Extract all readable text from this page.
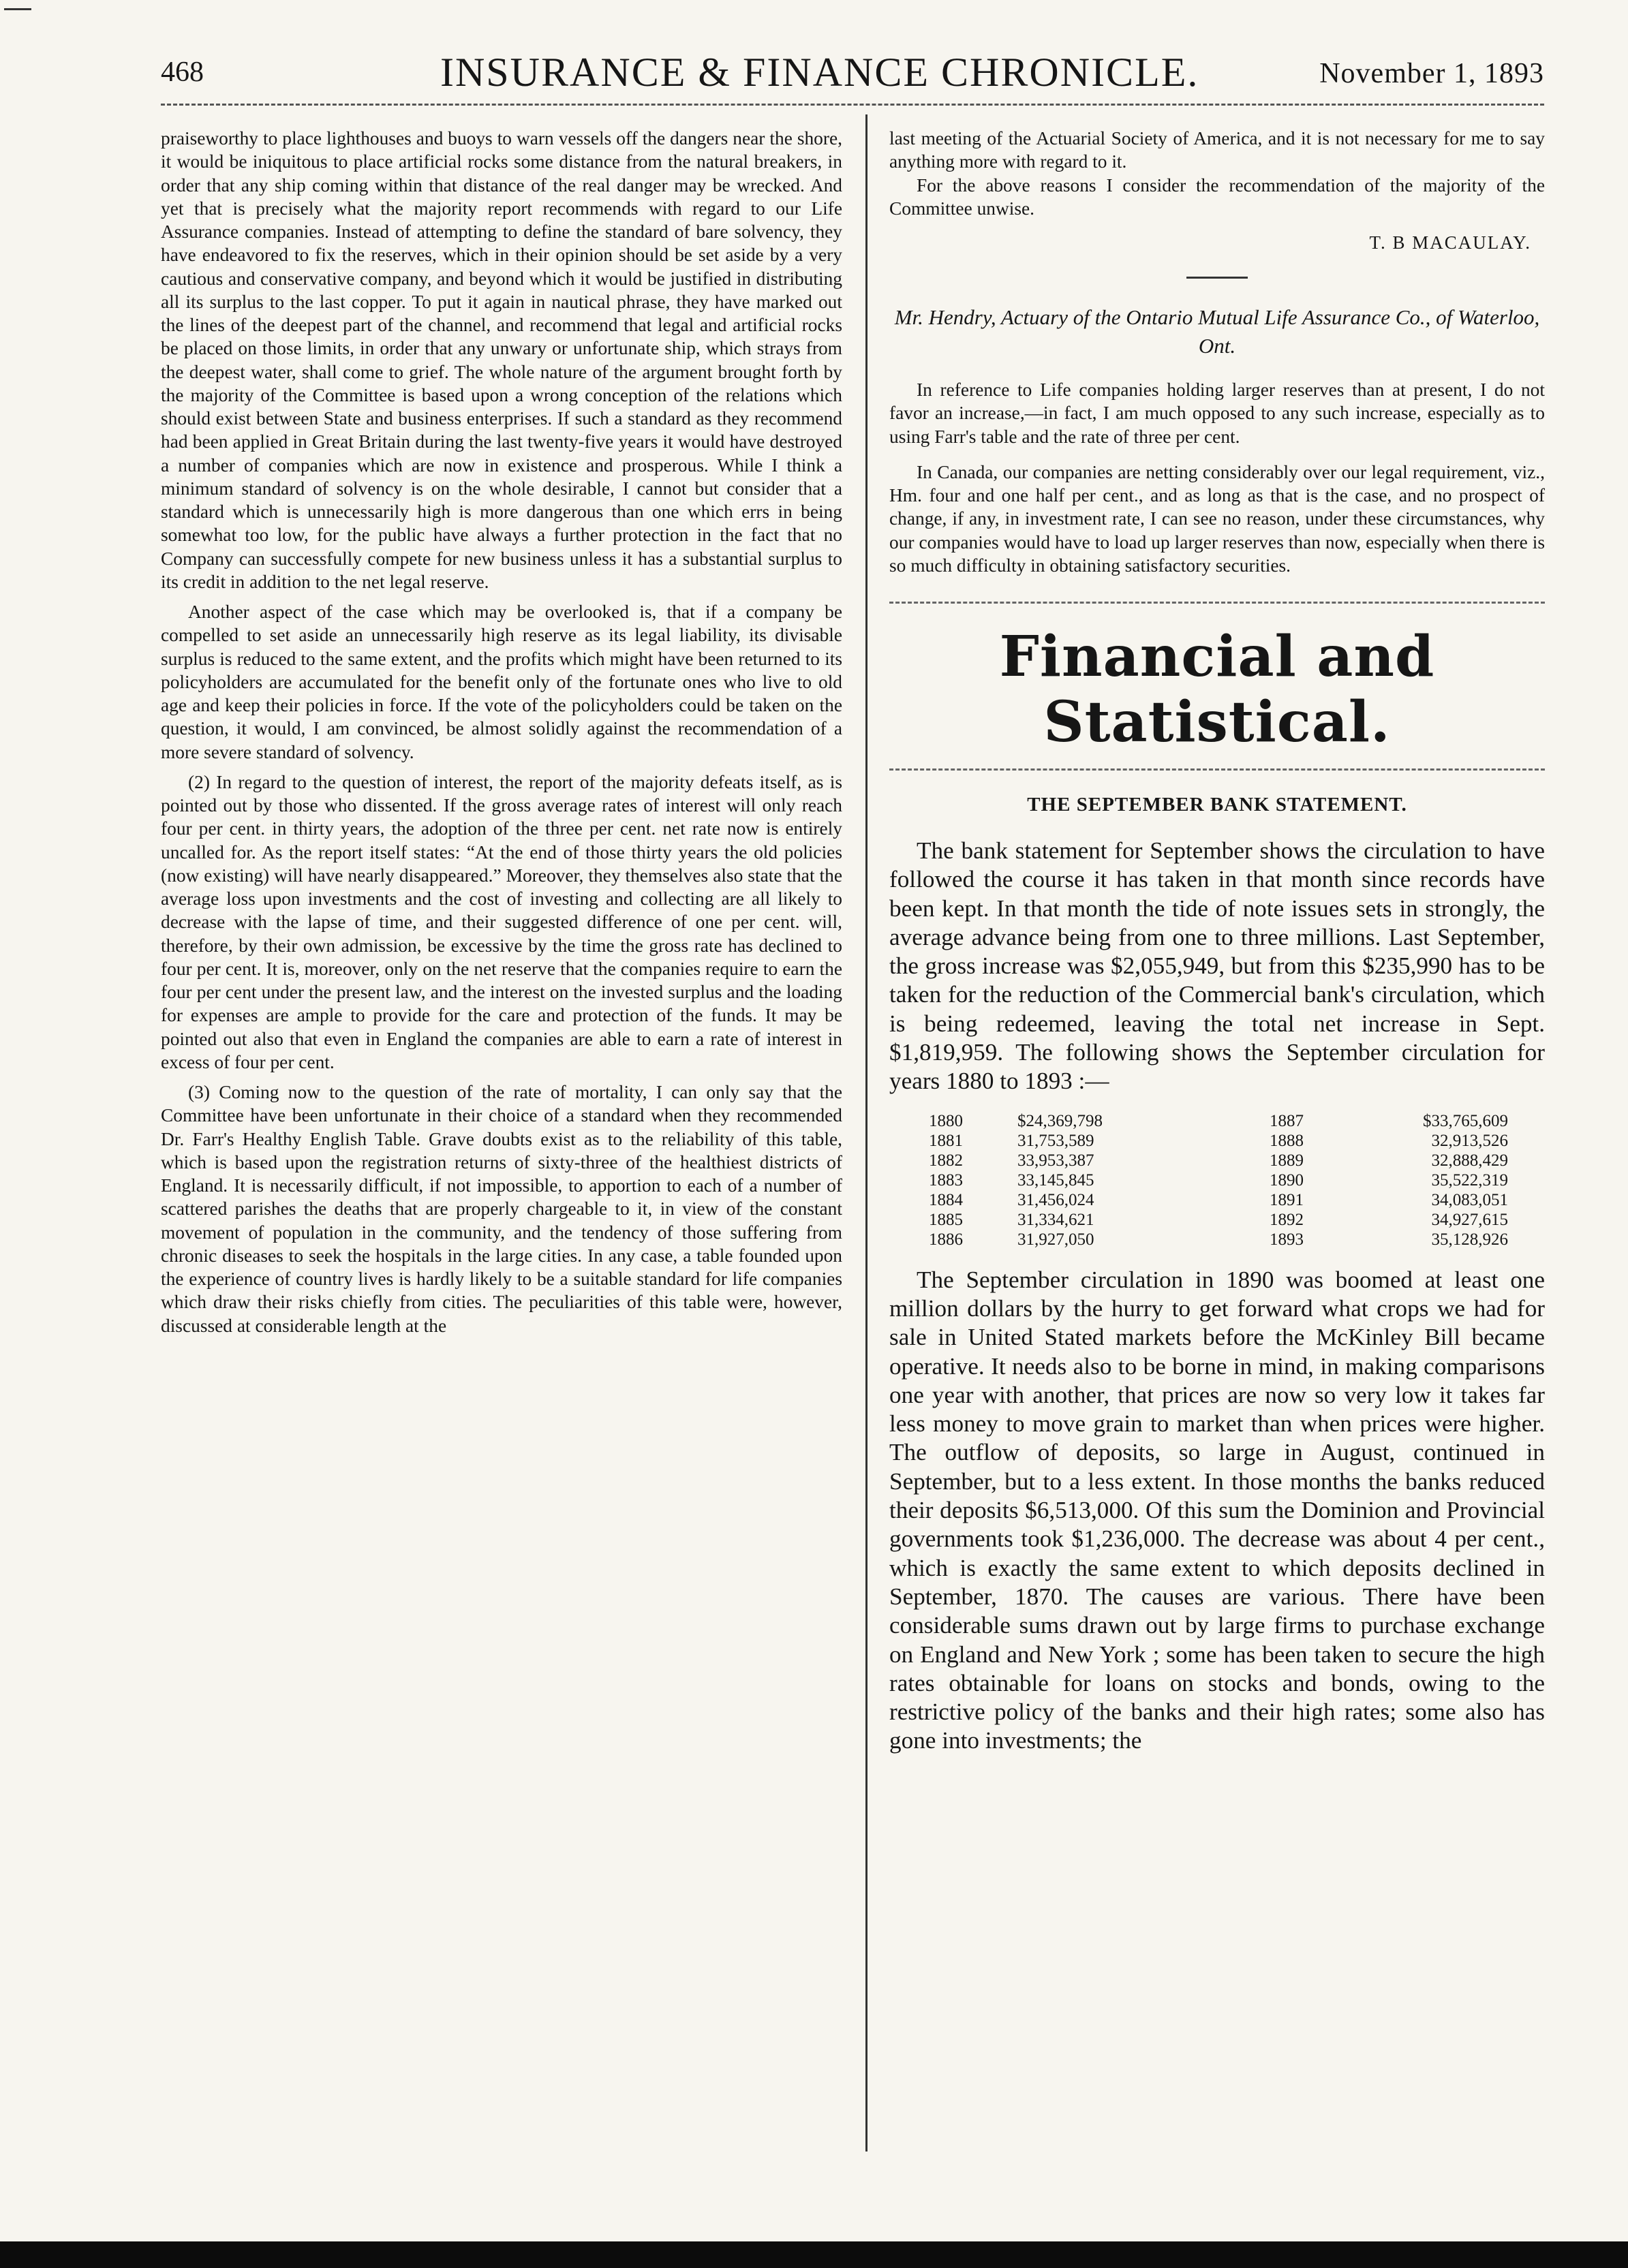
468	INSURANCE & FINANCE CHRONICLE.	November 1, 1893

praiseworthy to place lighthouses and buoys to warn vessels off the dangers near the shore, it would be iniquitous to place artificial rocks some distance from the natural breakers, in order that any ship coming within that distance of the real danger may be wrecked. And yet that is precisely what the majority report recommends with regard to our Life Assurance companies. Instead of attempting to define the standard of bare solvency, they have endeavored to fix the reserves, which in their opinion should be set aside by a very cautious and conservative company, and beyond which it would be justified in distributing all its surplus to the last copper. To put it again in nautical phrase, they have marked out the lines of the deepest part of the channel, and recommend that legal and artificial rocks be placed on those limits, in order that any unwary or unfortunate ship, which strays from the deepest water, shall come to grief. The whole nature of the argument brought forth by the majority of the Committee is based upon a wrong conception of the relations which should exist between State and business enterprises. If such a standard as they recommend had been applied in Great Britain during the last twenty-five years it would have destroyed a number of companies which are now in existence and prosperous. While I think a minimum standard of solvency is on the whole desirable, I cannot but consider that a standard which is unnecessarily high is more dangerous than one which errs in being somewhat too low, for the public have always a further protection in the fact that no Company can successfully compete for new business unless it has a substantial surplus to its credit in addition to the net legal reserve.

Another aspect of the case which may be overlooked is, that if a company be compelled to set aside an unnecessarily high reserve as its legal liability, its divisable surplus is reduced to the same extent, and the profits which might have been returned to its policyholders are accumulated for the benefit only of the fortunate ones who live to old age and keep their policies in force. If the vote of the policyholders could be taken on the question, it would, I am convinced, be almost solidly against the recommendation of a more severe standard of solvency.

(2) In regard to the question of interest, the report of the majority defeats itself, as is pointed out by those who dissented. If the gross average rates of interest will only reach four per cent. in thirty years, the adoption of the three per cent. net rate now is entirely uncalled for. As the report itself states: “At the end of those thirty years the old policies (now existing) will have nearly disappeared.” Moreover, they themselves also state that the average loss upon investments and the cost of investing and collecting are all likely to decrease with the lapse of time, and their suggested difference of one per cent. will, therefore, by their own admission, be excessive by the time the gross rate has declined to four per cent. It is, moreover, only on the net reserve that the companies require to earn the four per cent under the present law, and the interest on the invested surplus and the loading for expenses are ample to provide for the care and protection of the funds. It may be pointed out also that even in England the companies are able to earn a rate of interest in excess of four per cent.

(3) Coming now to the question of the rate of mortality, I can only say that the Committee have been unfortunate in their choice of a standard when they recommended Dr. Farr's Healthy English Table. Grave doubts exist as to the reliability of this table, which is based upon the registration returns of sixty-three of the healthiest districts of England. It is necessarily difficult, if not impossible, to apportion to each of a number of scattered parishes the deaths that are properly chargeable to it, in view of the constant movement of population in the community, and the tendency of those suffering from chronic diseases to seek the hospitals in the large cities. In any case, a table founded upon the experience of country lives is hardly likely to be a suitable standard for life companies which draw their risks chiefly from cities. The peculiarities of this table were, however, discussed at considerable length at the

last meeting of the Actuarial Society of America, and it is not necessary for me to say anything more with regard to it.

For the above reasons I consider the recommendation of the majority of the Committee unwise.

T. B MACAULAY.
Mr. Hendry, Actuary of the Ontario Mutual Life Assurance Co., of Waterloo, Ont.

In reference to Life companies holding larger reserves than at present, I do not favor an increase,—in fact, I am much opposed to any such increase, especially as to using Farr's table and the rate of three per cent.

In Canada, our companies are netting considerably over our legal requirement, viz., Hm. four and one half per cent., and as long as that is the case, and no prospect of change, if any, in investment rate, I can see no reason, under these circumstances, why our companies would have to load up larger reserves than now, especially when there is so much difficulty in obtaining satisfactory securities.

Financial and Statistical.
THE SEPTEMBER BANK STATEMENT.

The bank statement for September shows the circulation to have followed the course it has taken in that month since records have been kept. In that month the tide of note issues sets in strongly, the average advance being from one to three millions. Last September, the gross increase was $2,055,949, but from this $235,990 has to be taken for the reduction of the Commercial bank's circulation, which is being redeemed, leaving the total net increase in Sept. $1,819,959. The following shows the September circulation for years 1880 to 1893 :—

1880	$24,369,798	1887	$33,765,609
1881	31,753,589	1888	32,913,526
1882	33,953,387	1889	32,888,429
1883	33,145,845	1890	35,522,319
1884	31,456,024	1891	34,083,051
1885	31,334,621	1892	34,927,615
1886	31,927,050	1893	35,128,926

The September circulation in 1890 was boomed at least one million dollars by the hurry to get forward what crops we had for sale in United Stated markets before the McKinley Bill became operative. It needs also to be borne in mind, in making comparisons one year with another, that prices are now so very low it takes far less money to move grain to market than when prices were higher. The outflow of deposits, so large in August, continued in September, but to a less extent. In those months the banks reduced their deposits $6,513,000. Of this sum the Dominion and Provincial governments took $1,236,000. The decrease was about 4 per cent., which is exactly the same extent to which deposits declined in September, 1870. The causes are various. There have been considerable sums drawn out by large firms to purchase exchange on England and New York ; some has been taken to secure the high rates obtainable for loans on stocks and bonds, owing to the restrictive policy of the banks and their high rates; some also has gone into investments; the
